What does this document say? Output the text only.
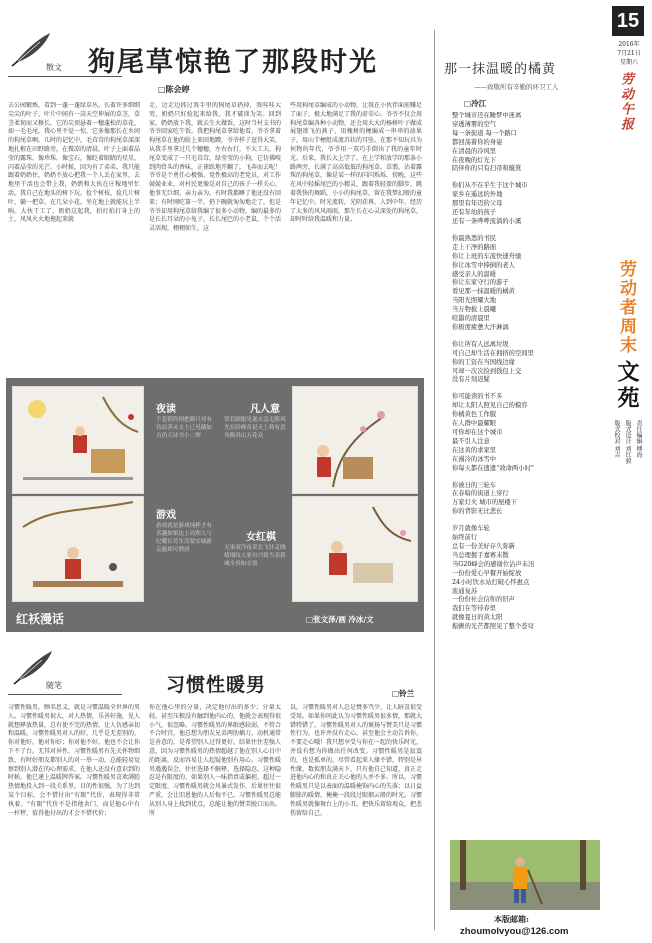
散文 狗尾草惊艳了那段时光
□陈会婷
去公园锻炼，看到一蓬一蓬绿草丛，长着许多细细尖尖的叶子，叶片中间有一岗天空伸展的草茎，草茎柔韧而又修长，它的尖顶悬着一穗蓬松的草花，如一毛毛尾，我心里不觉一惊，它多像那长在乡间的狗尾草啊。儿时的记忆中，毛茸茸的狗尾草深深地扎根在田野路旁，在微凉的清晨，叶子上面着晶莹的露珠，像珍珠，像宝石，像眨着眼睛的星星，闪着晶莹的光芒。小时候，因为有了弟弟，我只能跟着奶奶住，奶奶不放心把我一个人丢在家里，去地里干活也会带上我，奶奶和大伙在庄稼地里忙活，我自己在地头的树下玩，捡个树枝，捡几片树叶，躺一把草，在几朵小花，坐在地上就能玩上半晌。大伙干工了，奶奶这起我，拍打拍打身上的土，凤凤火火地拖起来就
走，边走边抓过我手里的狗尾草扔掉，我哇哇大哭，奶奶只好捡起来给我，我才破涕为笑。回到家，奶奶放下我，就去生火做饭，这时当村支书的爷爷回家吃午饭，我把狗尾草拿给他看，爷爷拿着狗尾草在他的脸上来回地蹭，爷爷样子逗得大笑，从我手里拿过几个穗穗，左右右打，不大工夫，狗尾草变成了一只毛茸茸，绿莹莹的小狗，它仿佛嗅到肉骨头的香味，正雀跃地开翻了，飞奔而去呢！爷爷是个勇任心极强、党性极高的老党员，对工作兢兢业业，对村民更像是对自己的孩子一样关心，他事无巨细，亲力亲为，有时我都睡了他还没有回来；有时刚吃第一半，扔下碗就匆匆地走了，但是爷爷却用狗尾草给我编了很多小动物，编的最多的是长长耳朵的小兔子，长长尾巴的小老鼠，个个活灵活现，栩栩如生，这
些用狗尾草编成的小动物，让我在小伙伴面前赚足了面子，极大地满足了我的虚荣心。爷爷不仅会用狗尾草编各种小动物，还会用大大的杨树叶子做成展翅欲飞的燕子，用槐树的梗编成一串串的油果子，用山芋梗组成流苏状的耳坠。在那不知玩具为何物的年代，爷爷用一双巧手倒出了我的童年时光。后来，我长大上学了，在上学和放学的那条小路两旁，长满了高高低低的狗尾草。草翡，沾着露珠的狗尾草，像是某一样的闪闪烁烁，傍晚，这些在风中轻摇尾巴的小精灵，跟着我轻盈的脚步，跳着我快的舞蹈，小小的狗尾草，留在我梦幻般的童年记忆中。时光流转，光阴荏苒，人到中年，经历了太多的风风雨雨，那生长在心灵深处的狗尾草，却时时给我温暖和力量。
夜读
不悲朝得则把颜只对有待凉善灵支上已见薇如古仍天诗书小二卵
凡人意
常若跟眼见遂去急无限风光在险峰各是天上莉有意身路其山万花众
游戏
游戏就是游戏纯粹才有乐趣如果达上功利人与纪耀长苟生活要实城新走能却可谓唐
女红棋
无果双冷夜采长飞针走线绩细纹人家有兴致当表我城全景如衣裳
红袄漫话	□张文泽/画 冷冰/文
随笔	习惯性暖男	□铃兰
习惯性暖男，顾名思义，就是习惯温暖全世界的男人。习惯性暖男很大，对人热情，乐善好施，见人就想释放热量，总有使不完的热情，让人仿感亲切和温暖。习惯性暖男对人的好，几乎是无差别的，你对他好，他对你好；你对他不好，他也不会让你下不了台。无其对异性，习惯性暖男有先关怀物细致，有时好朋友都别人的对一举一动，总能轻易觉察到别人潜在的心理需求，在他人还没有意识到的时候，他已递上温暖牌答案。习惯性暖男喜欢满腔热情地投入到一段关系里，目的性很强，为了达到某个目标，会不惜付出“有限”代价，表现得非常执着。“有限”代价不是指他舍门，而是他心中有一杆秤，值得他付出的才会不惜代价；
你在他心里的分量，决定他付出的多少；分量太轻，甚至压根没有触到他内心的，他就会表现得很小气，很忽略。习惯性暖男的界限感较弱，不管合不合时宜，他总想为朋友兄弟两肋插刀，动机通常是善意的，是希望别人过得更好，结果往往差强人意，因为习惯性暖男的热情超越了他在别人心目中的距离，反而容易让人起疑他别有用心。习惯性暖男遇遇误会，往往选择不解释，选择隐忍，这种隐忍是有限度的，如果别人一味指责或偏袒，超过一定限度，习惯性暖男就会风暴式发作，后果往往很严重，会让旧恩他的人后悔不已。习惯性暖男总能从别人身上找到优点，总能让他的赞美脱口而出。所
以，习惯性暖男对人总是赞多骂少，让人暗喜很受受用。如果你问此认为习惯性暖男很多情，那就大错特错了，习惯性暖男对人的褒扬与赞美只是习惯性行为，也许并没有走心，甚至他会主动告诉你，不要走心哦！我只想享受与你在一起的快乐时光，并没有想为你做出任何改变。习惯性暖男是寂寞的，也是孤单的，尽管看起来人缘不错，特别是异性缘，数似朋友满天下，只有他自己知道，真正走进他内心的和真正关心他的人并不多。所以，习惯性暖男只是以表面的温暖掩饰内心的失落；以日益膨胀的暖情，掩掩一段段过眼烟云般的时光。习惯性暖男就像舞台上的小丑，把快乐留给观众，把悲伤留给自己。
那一抹温暖的橘黄
——致敬所有辛勤的环卫工人
□冷江
整个城市还在睡梦中迷离
穿透薄雾的空气
每一条街道 每一个路口
都回荡着你的身姿
在清晨的冷风里
在夜晚的灯光下
陪伴你的只有扫帚和簸箕
你们从不在乎生于这个城市
家乡在遥远的外地
那里有年迈的父母
还有年幼的孩子
还有一条哗哗流淌的小溪
你最熟悉的书民
走上干净的路面
你让上班的车流快速舟驰
你让冰雪中捧倒的老人
感受亲人的温暖
你让东家守行的游子
看见那一抹温暖的橘黄
当阳光照耀大地
当万物披上晨曦
喧嚣的清晨里
你极度疲惫大汗淋漓
你让所有人远离垃圾
可自己却生活在拥挤的空间里
你的工资在当国线边缘
可却一次次捡到钱包上交
没有片刻迟疑
你可能读的书不多
却让太阳人照见自己的模容
你橘黄色工作服
在人群中最耀眼
可你却在这个城市
最不引人注意
在这黄的求家里
在漫冷的冰雪中
你每天都在遗遗“效命两小时”
你被日的三轮车
在春暗的街道上穿行
万家灯火 城市的屋楼下
你的背影无比悲长
岁月就像车轮
始终前行
总有一份美好存久弥新
当总理握手嘉赛未散
当G20峰会的感谢位沾声未汛
一份份爱心早餐开始绽放
24小时饮水站打破心怀惠点
流通复苏
一份份社会信你的旧声
我们在等待春里
就像夏日的黄太阳
振颤的光芒都照见了整个苍穹
本版邮箱:
zhoumolvyou@126.com
15
2016年
7月21日
星期六
劳动午报
劳动者周末
文苑
责任编辑 傅海
版式设计 刘红毅
版式校对 刘吉
